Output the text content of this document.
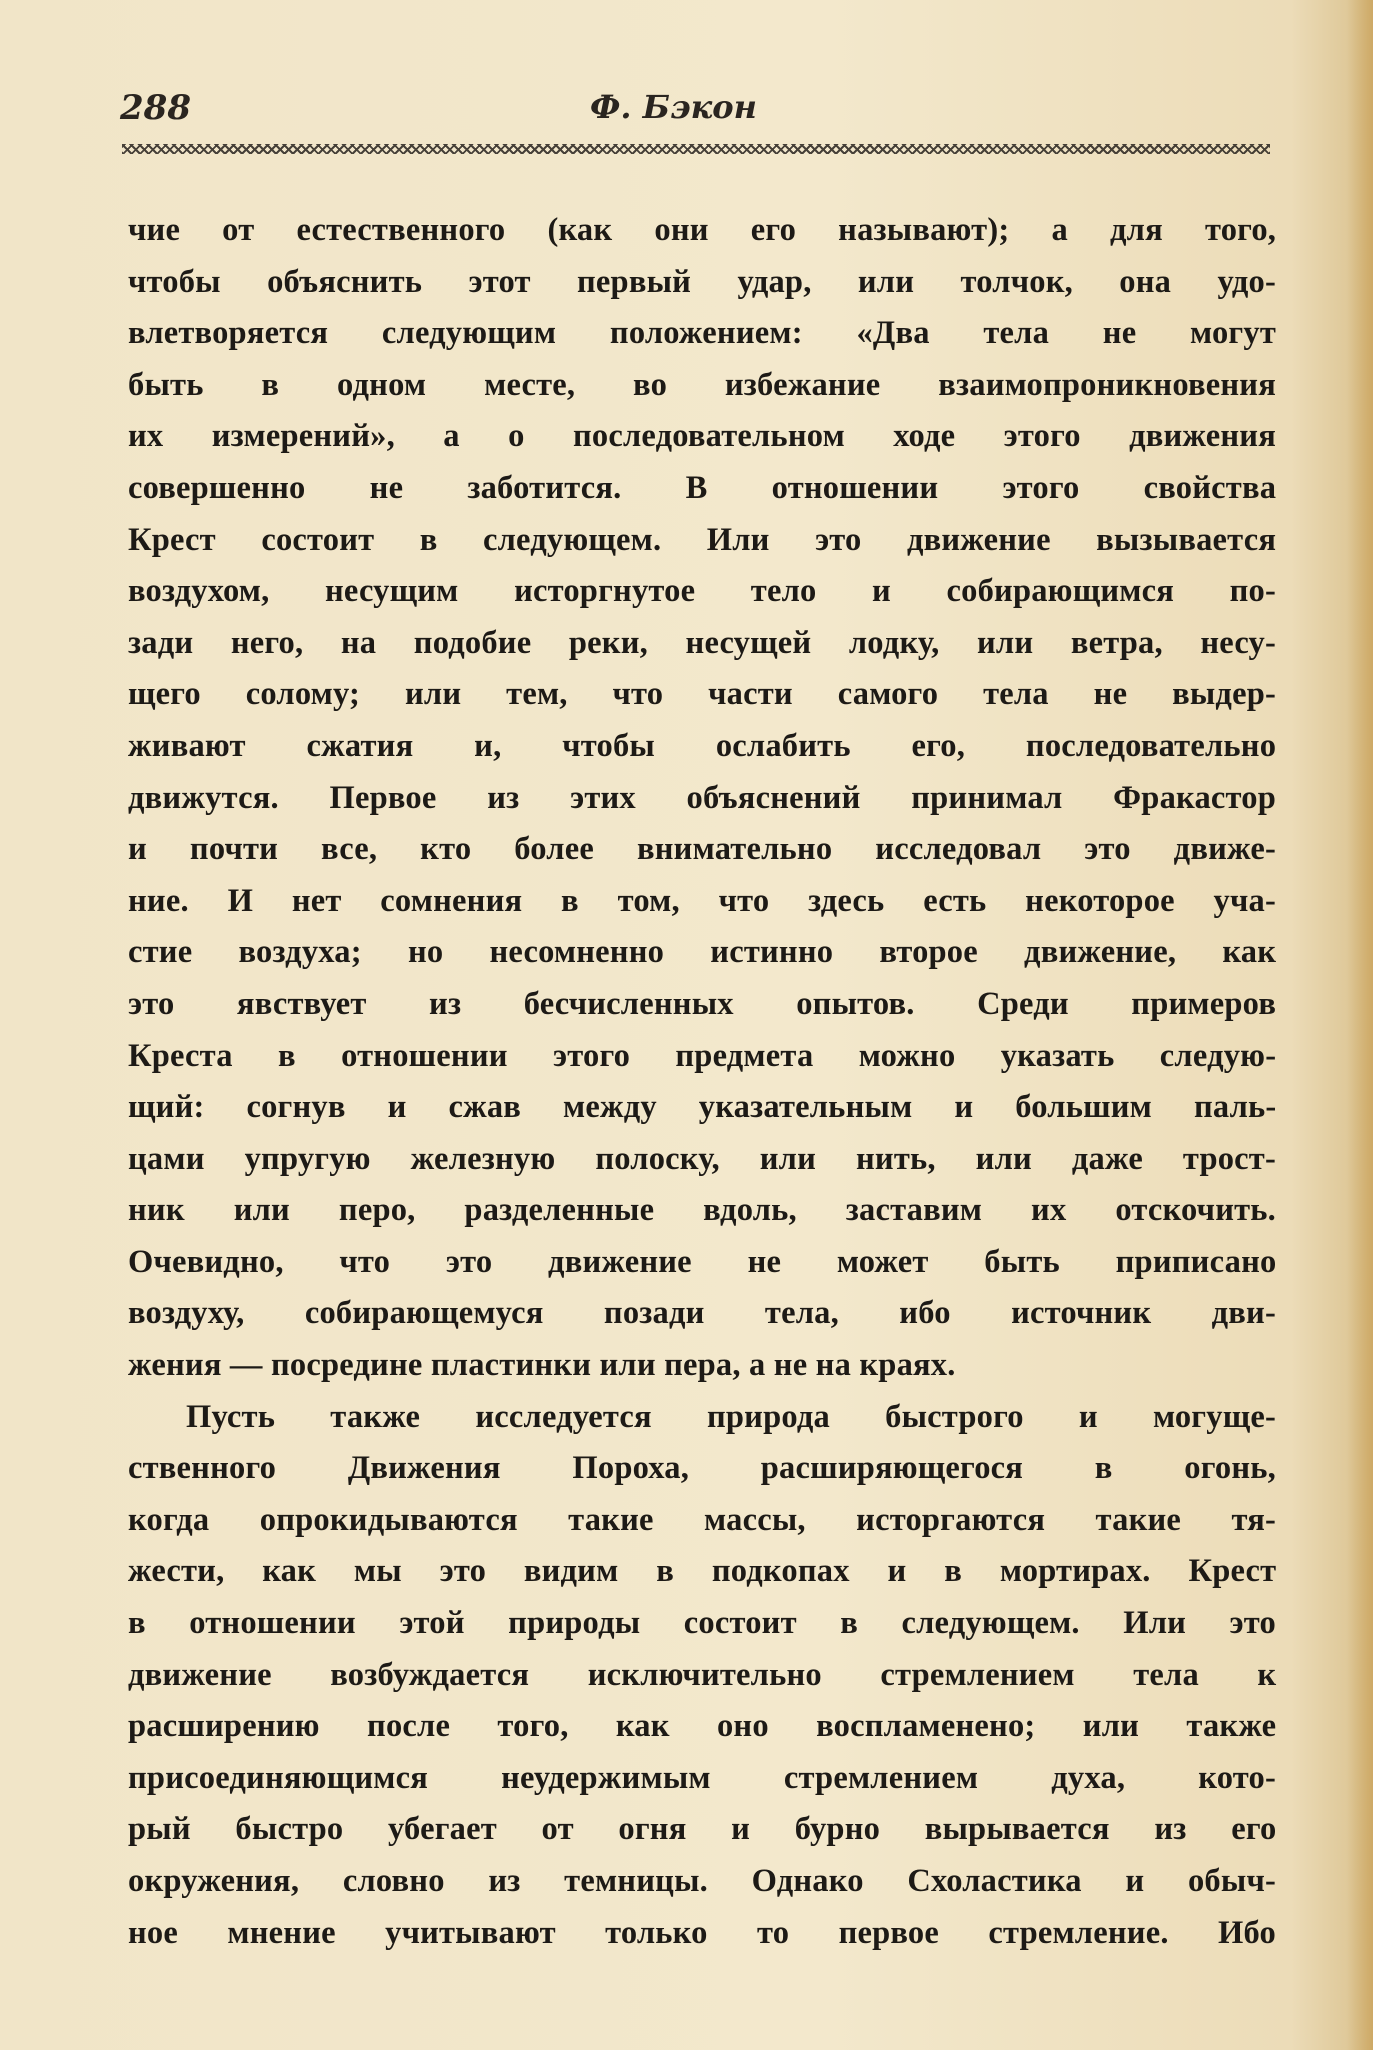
288	Ф. Бэкон
чие от естественного (как они его называют); а для того,
чтобы объяснить этот первый удар, или толчок, она удо-
влетворяется следующим положением: «Два тела не могут
быть в одном месте, во избежание взаимопроникновения
их измерений», а о последовательном ходе этого движения
совершенно не заботится. В отношении этого свойства
Крест состоит в следующем. Или это движение вызывается
воздухом, несущим исторгнутое тело и собирающимся по-
зади него, на подобие реки, несущей лодку, или ветра, несу-
щего солому; или тем, что части самого тела не выдер-
живают сжатия и, чтобы ослабить его, последовательно
движутся. Первое из этих объяснений принимал Фракастор
и почти все, кто более внимательно исследовал это движе-
ние. И нет сомнения в том, что здесь есть некоторое уча-
стие воздуха; но несомненно истинно второе движение, как
это явствует из бесчисленных опытов. Среди примеров
Креста в отношении этого предмета можно указать следую-
щий: согнув и сжав между указательным и большим паль-
цами упругую железную полоску, или нить, или даже трост-
ник или перо, разделенные вдоль, заставим их отскочить.
Очевидно, что это движение не может быть приписано
воздуху, собирающемуся позади тела, ибо источник дви-
жения — посредине пластинки или пера, а не на краях.
Пусть также исследуется природа быстрого и могуще-
ственного Движения Пороха, расширяющегося в огонь,
когда опрокидываются такие массы, исторгаются такие тя-
жести, как мы это видим в подкопах и в мортирах. Крест
в отношении этой природы состоит в следующем. Или это
движение возбуждается исключительно стремлением тела к
расширению после того, как оно воспламенено; или также
присоединяющимся неудержимым стремлением духа, кото-
рый быстро убегает от огня и бурно вырывается из его
окружения, словно из темницы. Однако Схоластика и обыч-
ное мнение учитывают только то первое стремление. Ибо
